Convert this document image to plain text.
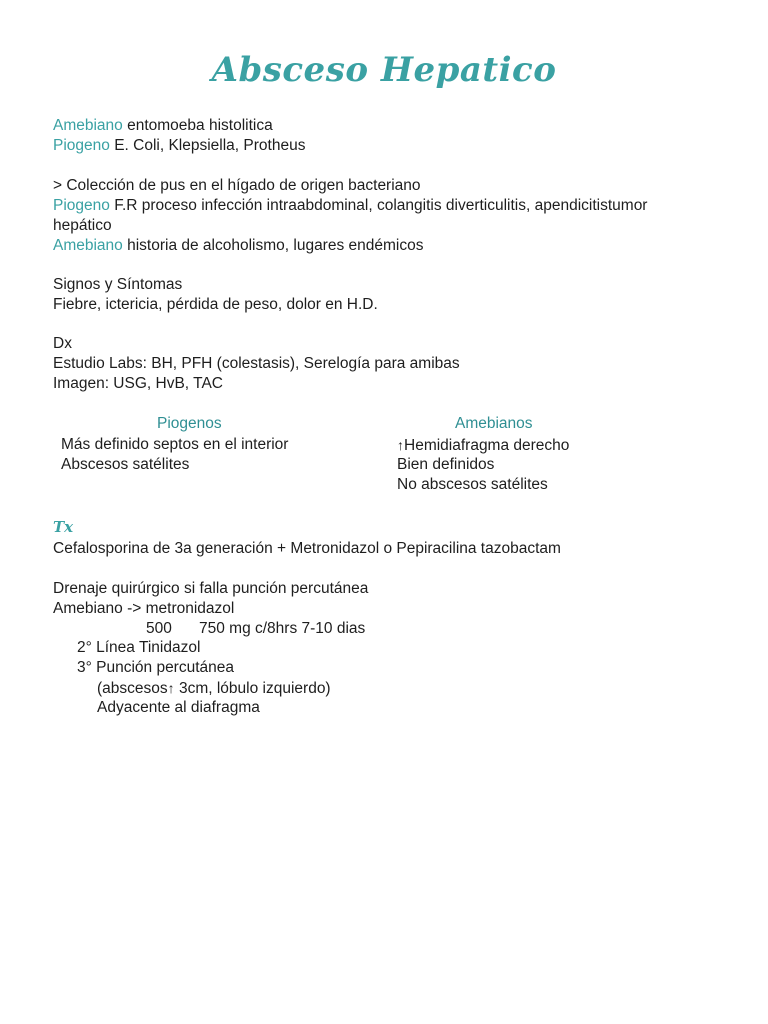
Absceso Hepatico
Amebiano entomoeba histolitica
Piogeno E. Coli, Klepsiella, Protheus
> Colección de pus en el hígado de origen bacteriano
Piogeno F.R proceso infección intraabdominal, colangitis diverticulitis, apendicitistumor hepático
Amebiano historia de alcoholismo, lugares endémicos
Signos y Síntomas
Fiebre, ictericia, pérdida de peso, dolor en H.D.
Dx
Estudio Labs: BH, PFH (colestasis), Serelogía para amibas
Imagen: USG, HvB, TAC
Piogenos
Más definido septos en el interior
Abscesos satélites
Amebianos
↑Hemidiafragma derecho
Bien definidos
No abscesos satélites
Tx
Cefalosporina de 3a generación + Metronidazol o Pepiracilina tazobactam
Drenaje quirúrgico si falla punción percutánea
Amebiano -> metronidazol
500 750 mg c/8hrs 7-10 dias
2° Línea Tinidazol
3° Punción percutánea
(abscesos↑ 3cm, lóbulo izquierdo)
Adyacente al diafragma
